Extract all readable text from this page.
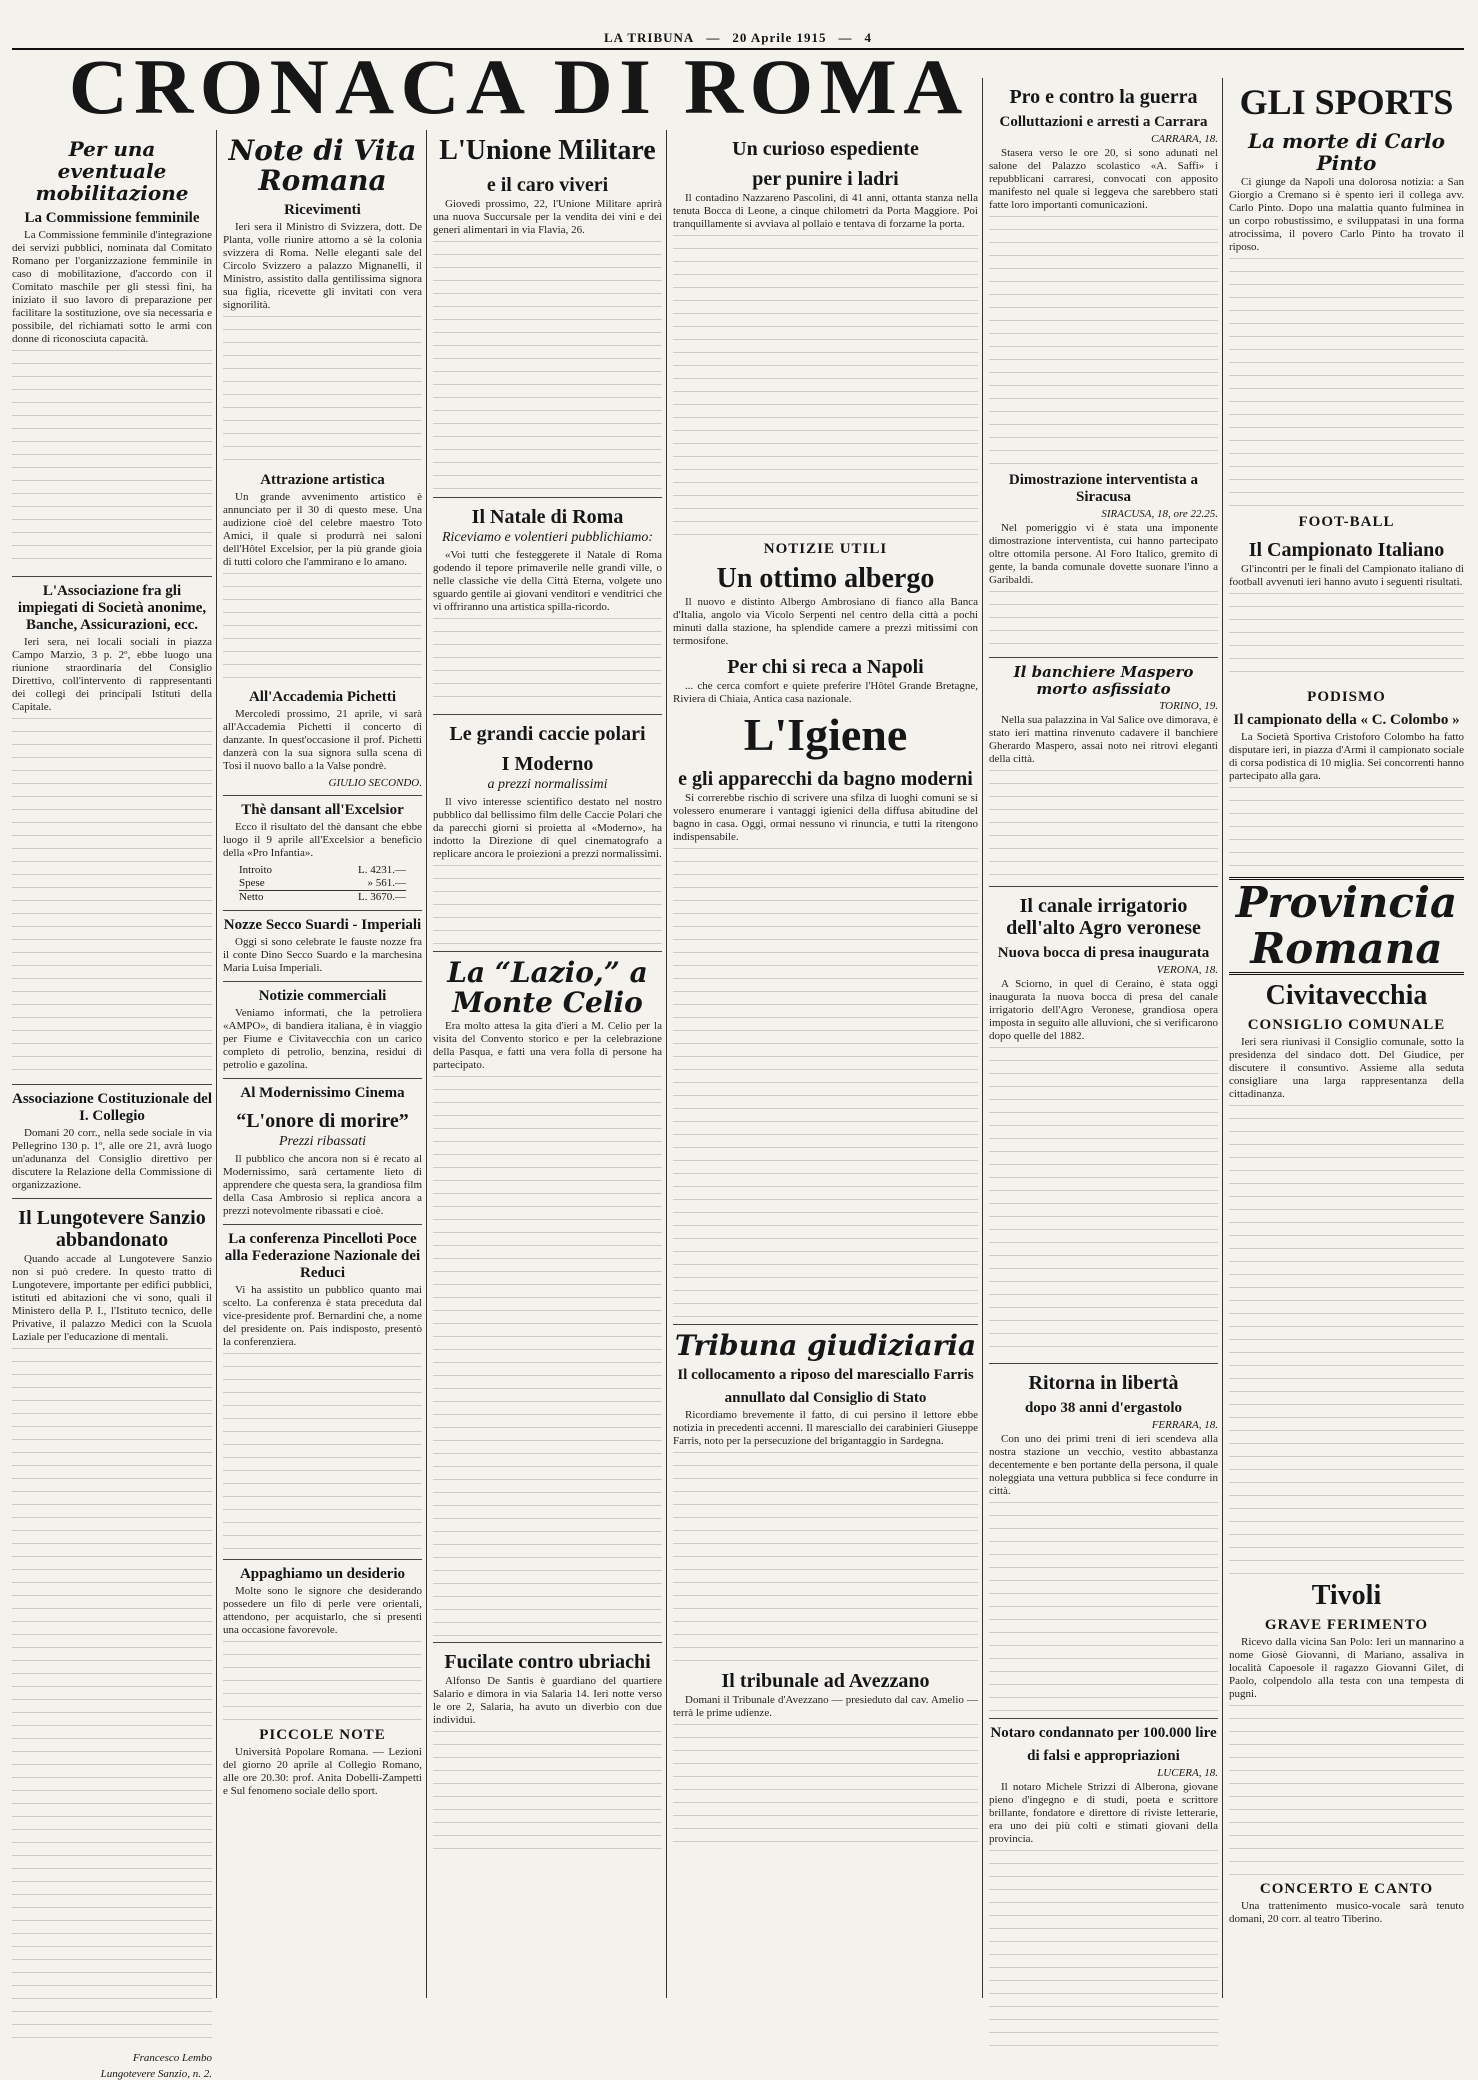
LA TRIBUNA — 20 Aprile 1915 — 4
CRONACA DI ROMA
Per una eventuale mobilitazione
La Commissione femminile

La Commissione femminile d'integrazione dei servizi pubblici, nominata dal Comitato Romano per l'organizzazione femminile in caso di mobilitazione, d'accordo con il Comitato maschile per gli stessi fini, ha iniziato il suo lavoro di preparazione per facilitare la sostituzione, ove sia necessaria e possibile, del richiamati sotto le armi con donne di riconosciuta capacità.

L'Associazione fra gli impiegati di Società anonime, Banche, Assicurazioni, ecc.

Ieri sera, nei locali sociali in piazza Campo Marzio, 3 p. 2º, ebbe luogo una riunione straordinaria del Consiglio Direttivo, coll'intervento di rappresentanti dei collegi dei principali Istituti della Capitale.

Associazione Costituzionale del I. Collegio

Domani 20 corr., nella sede sociale in via Pellegrino 130 p. 1º, alle ore 21, avrà luogo un'adunanza del Consiglio direttivo per discutere la Relazione della Commissione di organizzazione.

Il Lungotevere Sanzio abbandonato

Quando accade al Lungotevere Sanzio non si può credere. In questo tratto di Lungotevere, importante per edifici pubblici, istituti ed abitazioni che vi sono, quali il Ministero della P. I., l'Istituto tecnico, delle Privative, il palazzo Medici con la Scuola Laziale per l'educazione di mentali.

Francesco Lembo
Lungotevere Sanzio, n. 2.
Note di Vita Romana
Ricevimenti

Ieri sera il Ministro di Svizzera, dott. De Planta, volle riunire attorno a sè la colonia svizzera di Roma. Nelle eleganti sale del Circolo Svizzero a palazzo Mignanelli, il Ministro, assistito dalla gentilissima signora sua figlia, ricevette gli invitati con vera signorilità.

Attrazione artistica

Un grande avvenimento artistico è annunciato per il 30 di questo mese. Una audizione cioè del celebre maestro Toto Amici, il quale si produrrà nei saloni dell'Hôtel Excelsior, per la più grande gioia di tutti coloro che l'ammirano e lo amano.

All'Accademia Pichetti

Mercoledì prossimo, 21 aprile, vi sarà all'Accademia Pichetti il concerto di danzante. In quest'occasione il prof. Pichetti danzerà con la sua signora sulla scena di Tosi il nuovo ballo a la Valse pondrè.

GIULIO SECONDO.
Thè dansant all'Excelsior

Ecco il risultato del thè dansant che ebbe luogo il 9 aprile all'Excelsior a beneficio della «Pro Infantia».

Introito	L. 4231.—
Spese	» 561.—
Netto	L. 3670.—
Nozze Secco Suardi - Imperiali

Oggi si sono celebrate le fauste nozze fra il conte Dino Secco Suardo e la marchesina Maria Luisa Imperiali.

Notizie commerciali

Veniamo informati, che la petroliera «AMPO», di bandiera italiana, è in viaggio per Fiume e Civitavecchia con un carico completo di petrolio, benzina, residui di petrolio e gazolina.

Al Modernissimo Cinema
“L'onore di morire”
Prezzi ribassati

Il pubblico che ancora non si è recato al Modernissimo, sarà certamente lieto di apprendere che questa sera, la grandiosa film della Casa Ambrosio si replica ancora a prezzi notevolmente ribassati e cioè.

La conferenza Pincelloti Poce alla Federazione Nazionale dei Reduci

Vi ha assistito un pubblico quanto mai scelto. La conferenza è stata preceduta dal vice-presidente prof. Bernardini che, a nome del presidente on. Pais indisposto, presentò la conferenziera.

Appaghiamo un desiderio

Molte sono le signore che desiderando possedere un filo di perle vere orientali, attendono, per acquistarlo, che si presenti una occasione favorevole.

PICCOLE NOTE

Università Popolare Romana. — Lezioni del giorno 20 aprile al Collegio Romano, alle ore 20.30: prof. Anita Dobelli-Zampetti e Sul fenomeno sociale dello sport.

L'Unione Militare
e il caro viveri

Giovedì prossimo, 22, l'Unione Militare aprirà una nuova Succursale per la vendita dei vini e dei generi alimentari in via Flavia, 26.

Il Natale di Roma
Riceviamo e volentieri pubblichiamo:

«Voi tutti che festeggerete il Natale di Roma godendo il tepore primaverile nelle grandi ville, o nelle classiche vie della Città Eterna, volgete uno sguardo gentile ai giovani venditori e venditrici che vi offriranno una artistica spilla-ricordo.

Le grandi caccie polari
I Moderno
a prezzi normalissimi

Il vivo interesse scientifico destato nel nostro pubblico dal bellissimo film delle Caccie Polari che da parecchi giorni si proietta al «Moderno», ha indotto la Direzione di quel cinematografo a replicare ancora le proiezioni a prezzi normalissimi.

La “Lazio,” a Monte Celio

Era molto attesa la gita d'ieri a M. Celio per la visita del Convento storico e per la celebrazione della Pasqua, e fatti una vera folla di persone ha partecipato.

Fucilate contro ubriachi

Alfonso De Santis è guardiano del quartiere Salario e dimora in via Salaria 14. Ieri notte verso le ore 2, Salaria, ha avuto un diverbio con due individui.

Un curioso espediente
per punire i ladri

Il contadino Nazzareno Pascolini, di 41 anni, ottanta stanza nella tenuta Bocca di Leone, a cinque chilometri da Porta Maggiore. Poi tranquillamente si avviava al pollaio e tentava di forzarne la porta.

NOTIZIE UTILI
Un ottimo albergo

Il nuovo e distinto Albergo Ambrosiano di fianco alla Banca d'Italia, angolo via Vicolo Serpenti nel centro della città a pochi minuti dalla stazione, ha splendide camere a prezzi mitissimi con termosifone.

Per chi si reca a Napoli

... che cerca comfort e quiete preferire l'Hôtel Grande Bretagne, Riviera di Chiaia, Antica casa nazionale.

L'Igiene
e gli apparecchi da bagno moderni

Si correrebbe rischio di scrivere una sfilza di luoghi comuni se si volessero enumerare i vantaggi igienici della diffusa abitudine del bagno in casa. Oggi, ormai nessuno vi rinuncia, e tutti la ritengono indispensabile.

Tribuna giudiziaria
Il collocamento a riposo del maresciallo Farris
annullato dal Consiglio di Stato

Ricordiamo brevemente il fatto, di cui persino il lettore ebbe notizia in precedenti accenni. Il maresciallo dei carabinieri Giuseppe Farris, noto per la persecuzione del brigantaggio in Sardegna.

Il tribunale ad Avezzano

Domani il Tribunale d'Avezzano — presieduto dal cav. Amelio — terrà le prime udienze.

Pro e contro la guerra
Colluttazioni e arresti a Carrara
CARRARA, 18.

Stasera verso le ore 20, si sono adunati nel salone del Palazzo scolastico «A. Saffi» i repubblicani carraresi, convocati con apposito manifesto nel quale si leggeva che sarebbero stati fatte loro importanti comunicazioni.

Dimostrazione interventista a Siracusa
SIRACUSA, 18, ore 22.25.

Nel pomeriggio vi è stata una imponente dimostrazione interventista, cui hanno partecipato oltre ottomila persone. Al Foro Italico, gremito di gente, la banda comunale dovette suonare l'inno a Garibaldi.

Il banchiere Maspero morto asfissiato
TORINO, 19.

Nella sua palazzina in Val Salice ove dimorava, è stato ieri mattina rinvenuto cadavere il banchiere Gherardo Maspero, assai noto nei ritrovi eleganti della città.

Il canale irrigatorio dell'alto Agro veronese
Nuova bocca di presa inaugurata
VERONA, 18.

A Sciorno, in quel di Ceraino, è stata oggi inaugurata la nuova bocca di presa del canale irrigatorio dell'Agro Veronese, grandiosa opera imposta in seguito alle alluvioni, che si verificarono dopo quelle del 1882.

Ritorna in libertà
dopo 38 anni d'ergastolo
FERRARA, 18.

Con uno dei primi treni di ieri scendeva alla nostra stazione un vecchio, vestito abbastanza decentemente e ben portante della persona, il quale noleggiata una vettura pubblica si fece condurre in città.

Notaro condannato per 100.000 lire
di falsi e appropriazioni
LUCERA, 18.

Il notaro Michele Strizzi di Alberona, giovane pieno d'ingegno e di studi, poeta e scrittore brillante, fondatore e direttore di riviste letterarie, era uno dei più colti e stimati giovani della provincia.

GLI SPORTS
La morte di Carlo Pinto

Ci giunge da Napoli una dolorosa notizia: a San Giorgio a Cremano si è spento ieri il collega avv. Carlo Pinto. Dopo una malattia quanto fulminea in un corpo robustissimo, e sviluppatasi in una forma atrocissima, il povero Carlo Pinto ha trovato il riposo.

FOOT-BALL
Il Campionato Italiano

Gl'incontri per le finali del Campionato italiano di football avvenuti ieri hanno avuto i seguenti risultati.

PODISMO
Il campionato della « C. Colombo »

La Società Sportiva Cristoforo Colombo ha fatto disputare ieri, in piazza d'Armi il campionato sociale di corsa podistica di 10 miglia. Sei concorrenti hanno partecipato alla gara.

Provincia Romana
Civitavecchia
CONSIGLIO COMUNALE

Ieri sera riunivasi il Consiglio comunale, sotto la presidenza del sindaco dott. Del Giudice, per discutere il consuntivo. Assieme alla seduta consigliare una larga rappresentanza della cittadinanza.

Tivoli
GRAVE FERIMENTO

Ricevo dalla vicina San Polo: Ieri un mannarino a nome Giosè Giovanni, di Mariano, assaliva in località Capoesole il ragazzo Giovanni Gilet, di Paolo, colpendolo alla testa con una tempesta di pugni.

CONCERTO E CANTO

Una trattenimento musico-vocale sarà tenuto domani, 20 corr. al teatro Tiberino.
